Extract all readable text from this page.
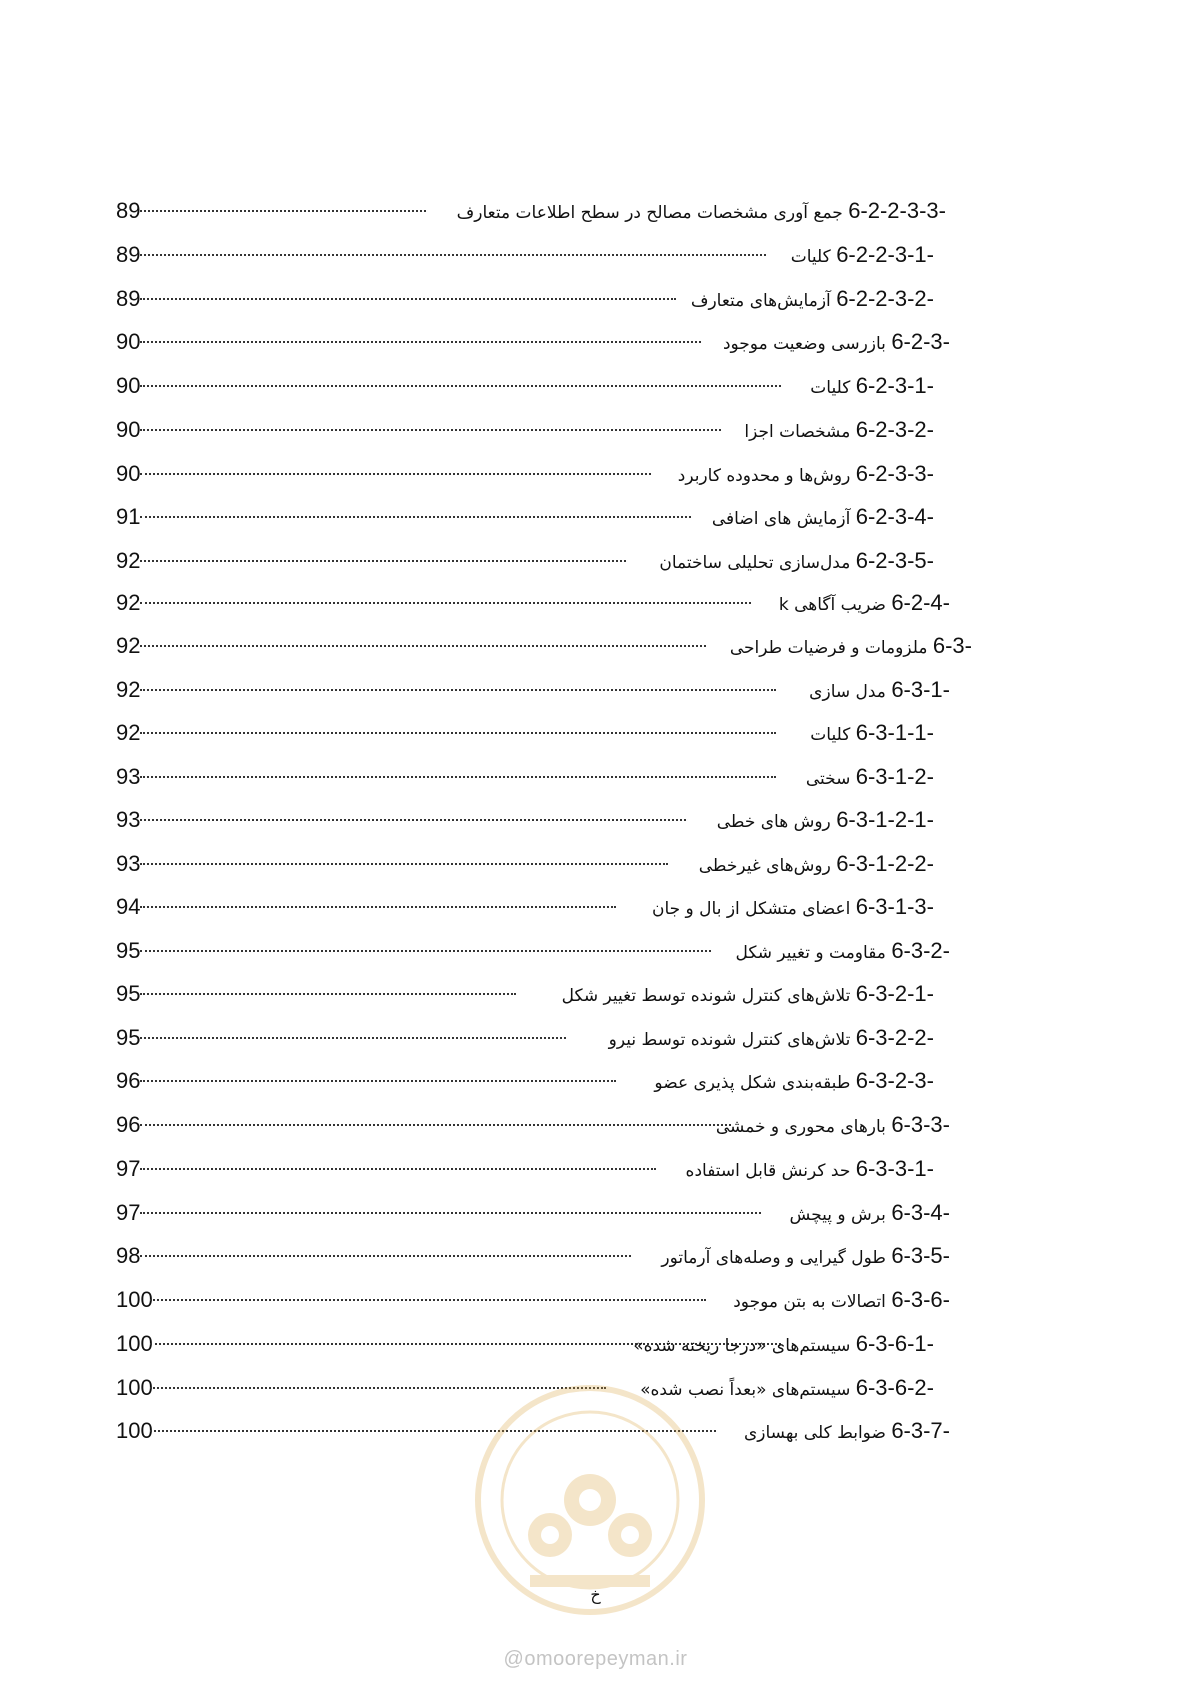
89	6-2-2-3-3- جمع آوری مشخصات مصالح در سطح اطلاعات متعارف
89	6-2-2-3-1- کلیات
89	6-2-2-3-2- آزمایش‌های متعارف
90	6-2-3- بازرسی وضعیت موجود
90	6-2-3-1- کلیات
90	6-2-3-2- مشخصات اجزا
90	6-2-3-3- روش‌ها و محدوده کاربرد
91	6-2-3-4- آزمایش های اضافی
92	6-2-3-5- مدل‌سازی تحلیلی ساختمان
92	6-2-4- ضریب آگاهی k
92	6-3- ملزومات و فرضیات طراحی
92	6-3-1- مدل سازی
92	6-3-1-1- کلیات
93	6-3-1-2- سختی
93	6-3-1-2-1- روش های خطی
93	6-3-1-2-2- روش‌های غیرخطی
94	6-3-1-3- اعضای متشکل از بال و جان
95	6-3-2- مقاومت و تغییر شکل
95	6-3-2-1- تلاش‌های کنترل شونده توسط تغییر شکل
95	6-3-2-2- تلاش‌های کنترل شونده توسط نیرو
96	6-3-2-3- طبقه‌بندی شکل پذیری عضو
96	6-3-3- بارهای محوری و خمشی
97	6-3-3-1- حد کرنش قابل استفاده
97	6-3-4- برش و پیچش
98	6-3-5- طول گیرایی و وصله‌های آرماتور
100	6-3-6- اتصالات به بتن موجود
100	6-3-6-1- سیستم‌های «درجا ریخته شده»
100	6-3-6-2- سیستم‌های «بعداً نصب شده»
100	6-3-7- ضوابط کلی بهسازی
خ
@omoorepeyman.ir
